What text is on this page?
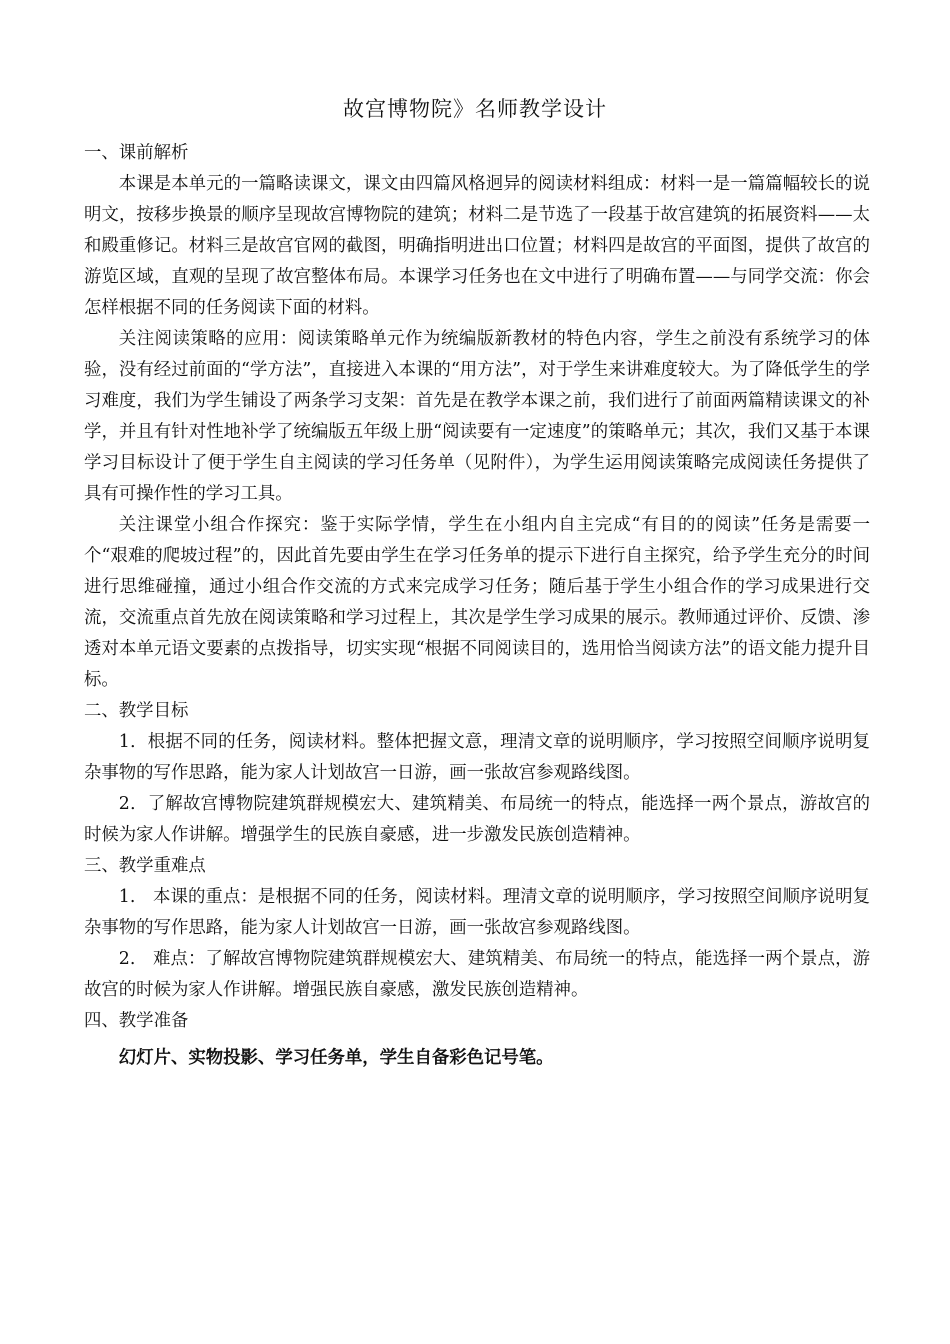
故宫博物院》名师教学设计
一、课前解析

本课是本单元的一篇略读课文，课文由四篇风格迥异的阅读材料组成：材料一是一篇篇幅较长的说明文，按移步换景的顺序呈现故宫博物院的建筑；材料二是节选了一段基于故宫建筑的拓展资料——太和殿重修记。材料三是故宫官网的截图，明确指明进出口位置；材料四是故宫的平面图，提供了故宫的游览区域，直观的呈现了故宫整体布局。本课学习任务也在文中进行了明确布置——与同学交流：你会怎样根据不同的任务阅读下面的材料。

关注阅读策略的应用：阅读策略单元作为统编版新教材的特色内容，学生之前没有系统学习的体验，没有经过前面的“学方法”，直接进入本课的“用方法”，对于学生来讲难度较大。为了降低学生的学习难度，我们为学生铺设了两条学习支架：首先是在教学本课之前，我们进行了前面两篇精读课文的补学，并且有针对性地补学了统编版五年级上册“阅读要有一定速度”的策略单元；其次，我们又基于本课学习目标设计了便于学生自主阅读的学习任务单（见附件），为学生运用阅读策略完成阅读任务提供了具有可操作性的学习工具。

关注课堂小组合作探究：鉴于实际学情，学生在小组内自主完成“有目的的阅读”任务是需要一个“艰难的爬坡过程”的，因此首先要由学生在学习任务单的提示下进行自主探究，给予学生充分的时间进行思维碰撞，通过小组合作交流的方式来完成学习任务；随后基于学生小组合作的学习成果进行交流，交流重点首先放在阅读策略和学习过程上，其次是学生学习成果的展示。教师通过评价、反馈、渗透对本单元语文要素的点拨指导，切实实现“根据不同阅读目的，选用恰当阅读方法”的语文能力提升目标。

二、教学目标

1．根据不同的任务，阅读材料。整体把握文意，理清文章的说明顺序，学习按照空间顺序说明复杂事物的写作思路，能为家人计划故宫一日游，画一张故宫参观路线图。

2．了解故宫博物院建筑群规模宏大、建筑精美、布局统一的特点，能选择一两个景点，游故宫的时候为家人作讲解。增强学生的民族自豪感，进一步激发民族创造精神。

三、教学重难点

1.　本课的重点：是根据不同的任务，阅读材料。理清文章的说明顺序，学习按照空间顺序说明复杂事物的写作思路，能为家人计划故宫一日游，画一张故宫参观路线图。

2.　难点：了解故宫博物院建筑群规模宏大、建筑精美、布局统一的特点，能选择一两个景点，游故宫的时候为家人作讲解。增强民族自豪感，激发民族创造精神。

四、教学准备

幻灯片、实物投影、学习任务单，学生自备彩色记号笔。
